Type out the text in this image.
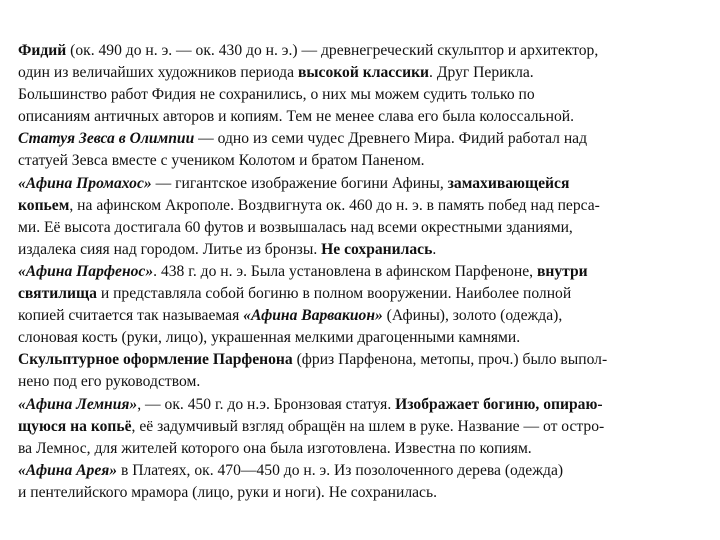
Фидий (ок. 490 до н. э. — ок. 430 до н. э.) — древнегреческий скульптор и архитектор,
один из величайших художников периода высокой классики. Друг Перикла.
Большинство работ Фидия не сохранились, о них мы можем судить только по
описаниям античных авторов и копиям. Тем не менее слава его была колоссальной.
Статуя Зевса в Олимпии — одно из семи чудес Древнего Мира. Фидий работал над
статуей Зевса вместе с учеником Колотом и братом Паненом.
«Афина Промахос» — гигантское изображение богини Афины, замахивающейся
копьем, на афинском Акрополе. Воздвигнута ок. 460 до н. э. в память побед над перса-
ми. Её высота достигала 60 футов и возвышалась над всеми окрестными зданиями,
издалека сияя над городом. Литье из бронзы. Не сохранилась.
«Афина Парфенос». 438 г. до н. э. Была установлена в афинском Парфеноне, внутри
святилища и представляла собой богиню в полном вооружении. Наиболее полной
копией считается так называемая «Афина Варвакион» (Афины), золото (одежда),
слоновая кость (руки, лицо), украшенная мелкими драгоценными камнями.
Скульптурное оформление Парфенона (фриз Парфенона, метопы, проч.) было выпол-
нено под его руководством.
«Афина Лемния», — ок. 450 г. до н.э. Бронзовая статуя. Изображает богиню, опираю-
щуюся на копьё, её задумчивый взгляд обращён на шлем в руке. Название — от остро-
ва Лемнос, для жителей которого она была изготовлена. Известна по копиям.
«Афина Арея» в Платеях, ок. 470—450 до н. э. Из позолоченного дерева (одежда)
и пентелийского мрамора (лицо, руки и ноги). Не сохранилась.
